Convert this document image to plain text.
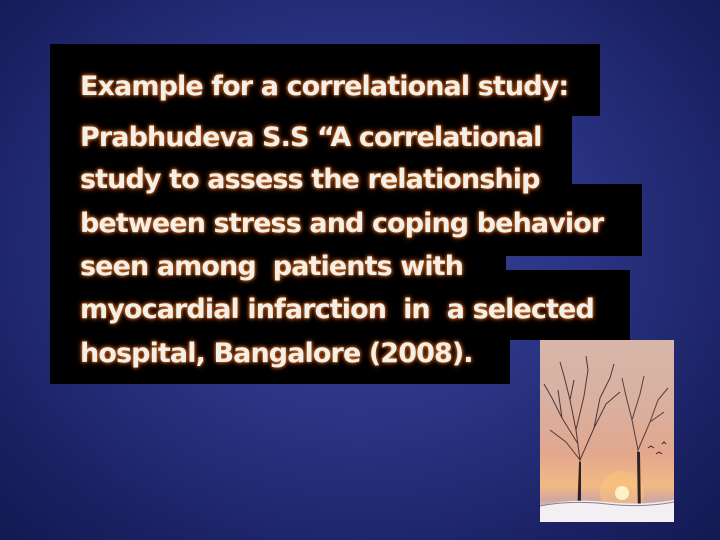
Example for a correlational study:

Prabhudeva S.S “A correlational

study to assess the relationship

between stress and coping behavior

seen among  patients with

myocardial infarction  in  a selected

hospital, Bangalore (2008).
